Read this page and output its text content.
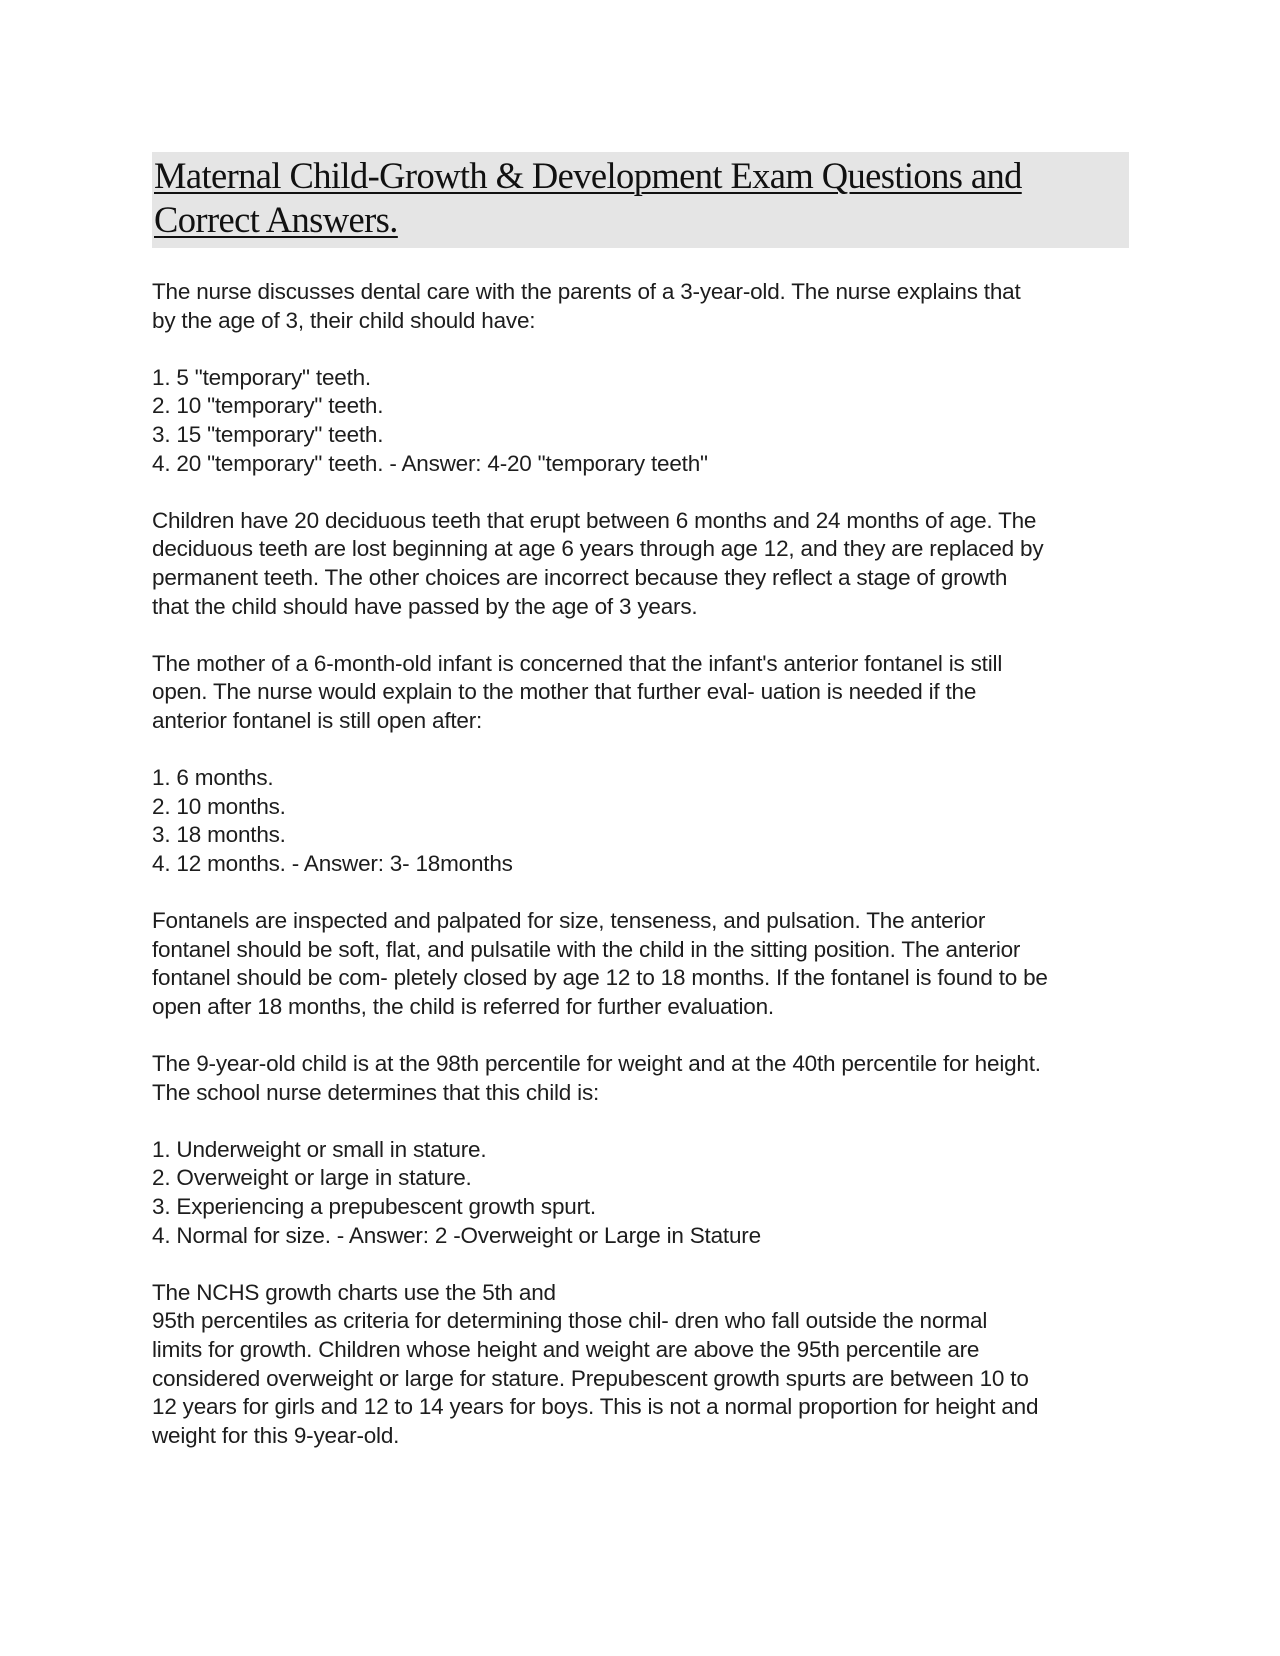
Maternal Child-Growth & Development Exam Questions and
Correct Answers.

The nurse discusses dental care with the parents of a 3-year-old. The nurse explains that
by the age of 3, their child should have:

1. 5 "temporary" teeth.
2. 10 "temporary" teeth.
3. 15 "temporary" teeth.
4. 20 "temporary" teeth. - Answer: 4-20 "temporary teeth"

Children have 20 deciduous teeth that erupt between 6 months and 24 months of age. The
deciduous teeth are lost beginning at age 6 years through age 12, and they are replaced by
permanent teeth. The other choices are incorrect because they reflect a stage of growth
that the child should have passed by the age of 3 years.

The mother of a 6-month-old infant is concerned that the infant's anterior fontanel is still
open. The nurse would explain to the mother that further eval- uation is needed if the
anterior fontanel is still open after:

1. 6 months.
2. 10 months.
3. 18 months.
4. 12 months. - Answer: 3- 18months

Fontanels are inspected and palpated for size, tenseness, and pulsation. The anterior
fontanel should be soft, flat, and pulsatile with the child in the sitting position. The anterior
fontanel should be com- pletely closed by age 12 to 18 months. If the fontanel is found to be
open after 18 months, the child is referred for further evaluation.

The 9-year-old child is at the 98th percentile for weight and at the 40th percentile for height.
The school nurse determines that this child is:

1. Underweight or small in stature.
2. Overweight or large in stature.
3. Experiencing a prepubescent growth spurt.
4. Normal for size. - Answer: 2 -Overweight or Large in Stature

The NCHS growth charts use the 5th and
95th percentiles as criteria for determining those chil- dren who fall outside the normal
limits for growth. Children whose height and weight are above the 95th percentile are
considered overweight or large for stature. Prepubescent growth spurts are between 10 to
12 years for girls and 12 to 14 years for boys. This is not a normal proportion for height and
weight for this 9-year-old.
